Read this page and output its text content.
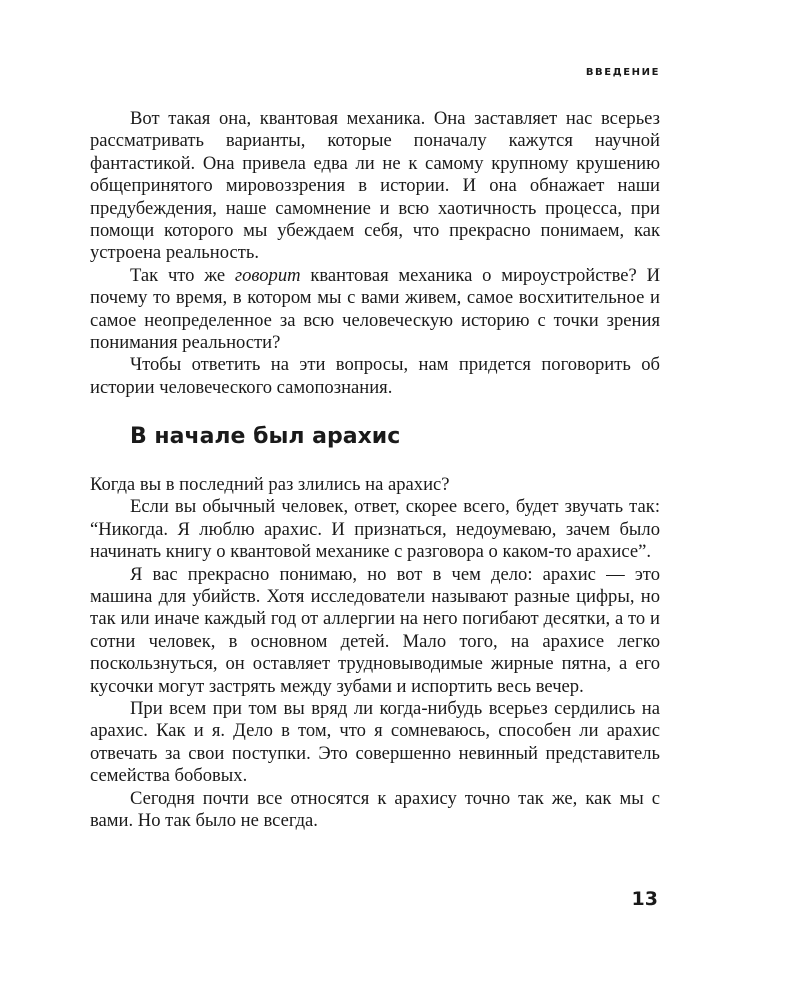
ВВЕДЕНИЕ

Вот такая она, квантовая механика. Она заставляет нас всерьез рассматривать варианты, которые поначалу кажутся научной фантастикой. Она привела едва ли не к самому крупному крушению общепринятого мировоззрения в истории. И она обнажает наши предубеждения, наше самомнение и всю хаотичность процесса, при помощи которого мы убеждаем себя, что прекрасно понимаем, как устроена реальность.

Так что же говорит квантовая механика о мироустройстве? И почему то время, в котором мы с вами живем, самое восхитительное и самое неопределенное за всю человеческую историю с точки зрения понимания реальности?

Чтобы ответить на эти вопросы, нам придется поговорить об истории человеческого самопознания.

В начале был арахис

Когда вы в последний раз злились на арахис?

Если вы обычный человек, ответ, скорее всего, будет звучать так: “Никогда. Я люблю арахис. И признаться, недоумеваю, зачем было начинать книгу о квантовой механике с разговора о каком-то арахисе”.

Я вас прекрасно понимаю, но вот в чем дело: арахис — это машина для убийств. Хотя исследователи называют разные цифры, но так или иначе каждый год от аллергии на него погибают десятки, а то и сотни человек, в основном детей. Мало того, на арахисе легко поскользнуться, он оставляет трудновыводимые жирные пятна, а его кусочки могут застрять между зубами и испортить весь вечер.

При всем при том вы вряд ли когда-нибудь всерьез сердились на арахис. Как и я. Дело в том, что я сомневаюсь, способен ли арахис отвечать за свои поступки. Это совершенно невинный представитель семейства бобовых.

Сегодня почти все относятся к арахису точно так же, как мы с вами. Но так было не всегда.

13
